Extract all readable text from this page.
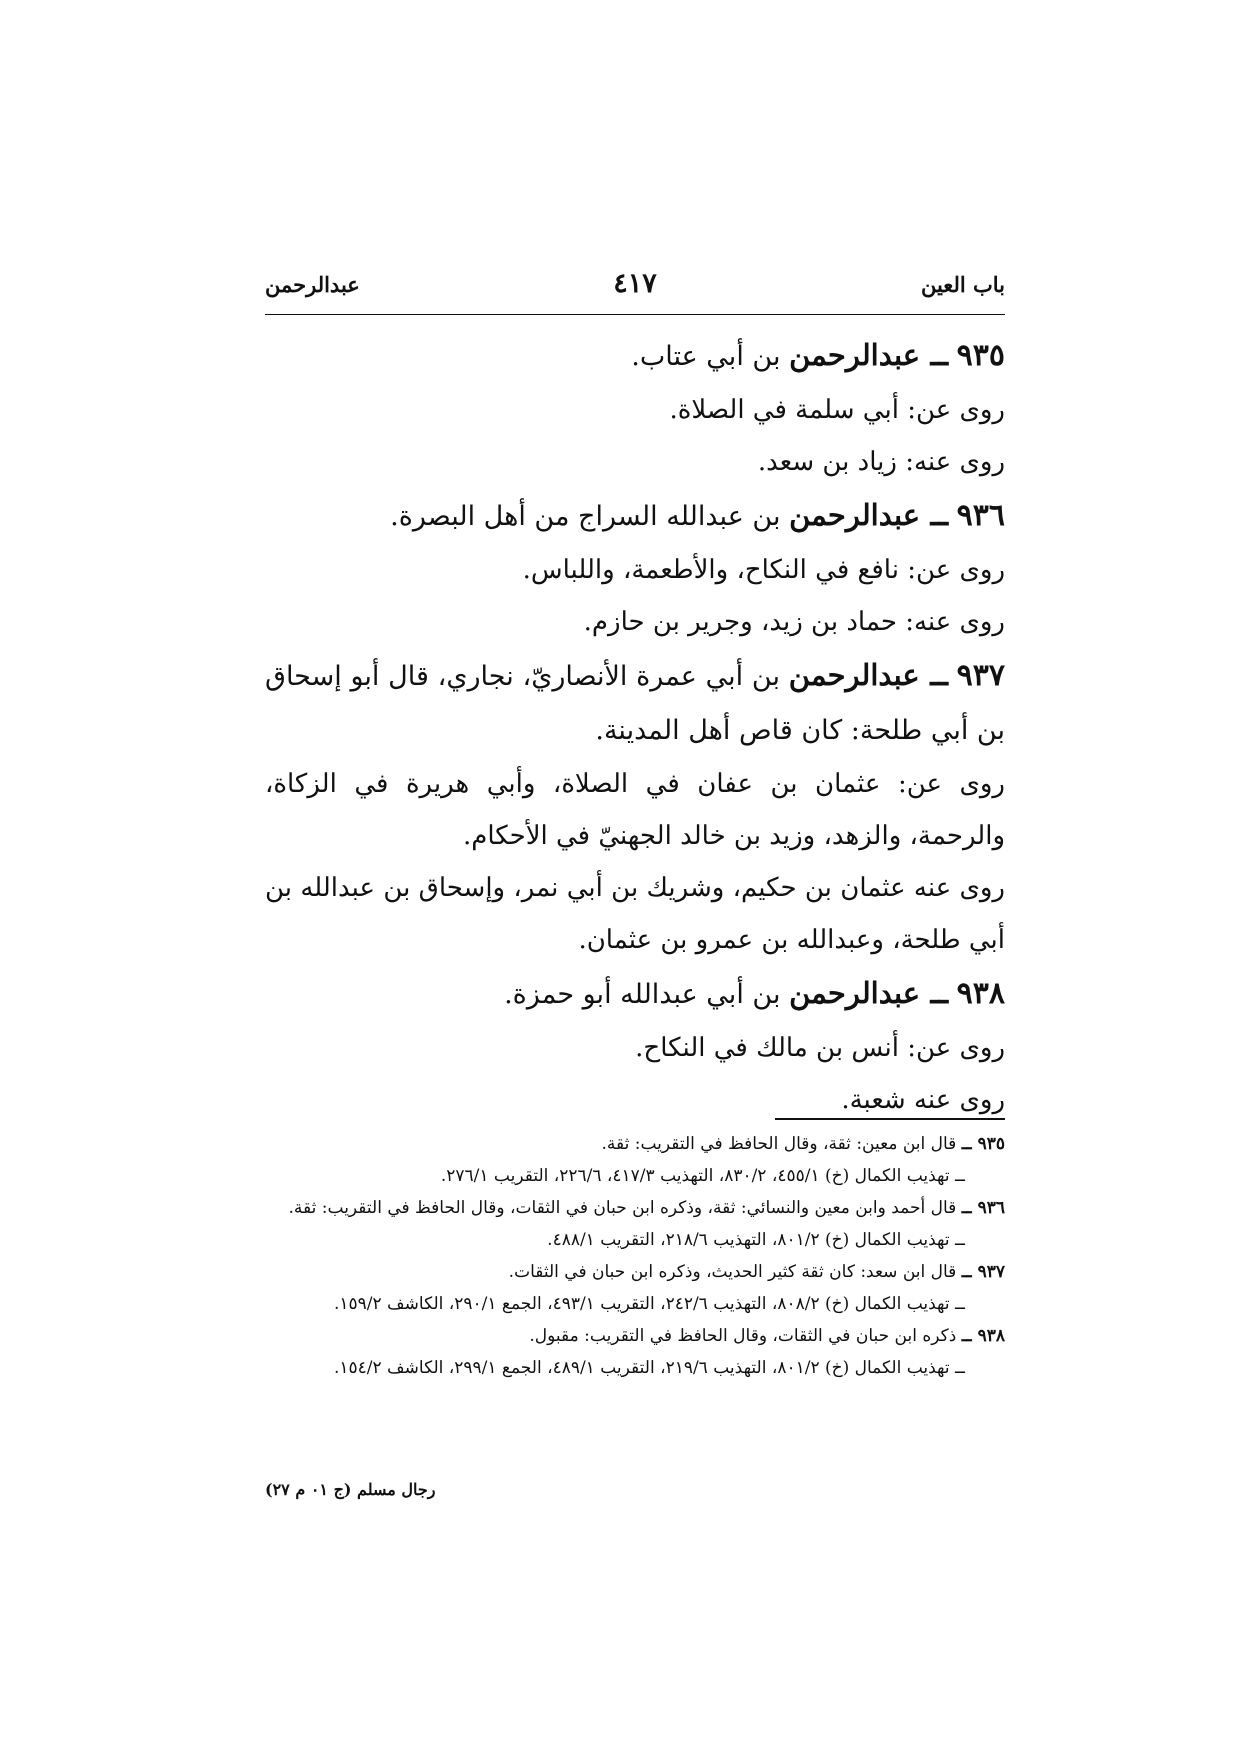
باب العين
٤١٧
عبدالرحمن

٩٣٥ ــ عبدالرحمن بن أبي عتاب.

روى عن: أبي سلمة في الصلاة.

روى عنه: زياد بن سعد.

٩٣٦ ــ عبدالرحمن بن عبدالله السراج من أهل البصرة.

روى عن: نافع في النكاح، والأطعمة، واللباس.

روى عنه: حماد بن زيد، وجرير بن حازم.

٩٣٧ ــ عبدالرحمن بن أبي عمرة الأنصاريّ، نجاري، قال أبو إسحاق بن أبي طلحة: كان قاص أهل المدينة.

روى عن: عثمان بن عفان في الصلاة، وأبي هريرة في الزكاة، والرحمة، والزهد، وزيد بن خالد الجهنيّ في الأحكام.

روى عنه عثمان بن حكيم، وشريك بن أبي نمر، وإسحاق بن عبدالله بن أبي طلحة، وعبدالله بن عمرو بن عثمان.

٩٣٨ ــ عبدالرحمن بن أبي عبدالله أبو حمزة.

روى عن: أنس بن مالك في النكاح.

روى عنه شعبة.

٩٣٥ ــ قال ابن معين: ثقة، وقال الحافظ في التقريب: ثقة.

ــ تهذيب الكمال (خ) ٤٥٥/١، ٨٣٠/٢، التهذيب ٤١٧/٣، ٢٢٦/٦، التقريب ٢٧٦/١.

٩٣٦ ــ قال أحمد وابن معين والنسائي: ثقة، وذكره ابن حبان في الثقات، وقال الحافظ في التقريب: ثقة.

ــ تهذيب الكمال (خ) ٨٠١/٢، التهذيب ٢١٨/٦، التقريب ٤٨٨/١.

٩٣٧ ــ قال ابن سعد: كان ثقة كثير الحديث، وذكره ابن حبان في الثقات.

ــ تهذيب الكمال (خ) ٨٠٨/٢، التهذيب ٢٤٢/٦، التقريب ٤٩٣/١، الجمع ٢٩٠/١، الكاشف ١٥٩/٢.

٩٣٨ ــ ذكره ابن حبان في الثقات، وقال الحافظ في التقريب: مقبول.

ــ تهذيب الكمال (خ) ٨٠١/٢، التهذيب ٢١٩/٦، التقريب ٤٨٩/١، الجمع ٢٩٩/١، الكاشف ١٥٤/٢.

رجال مسلم (ج ٠١ م ٢٧)
